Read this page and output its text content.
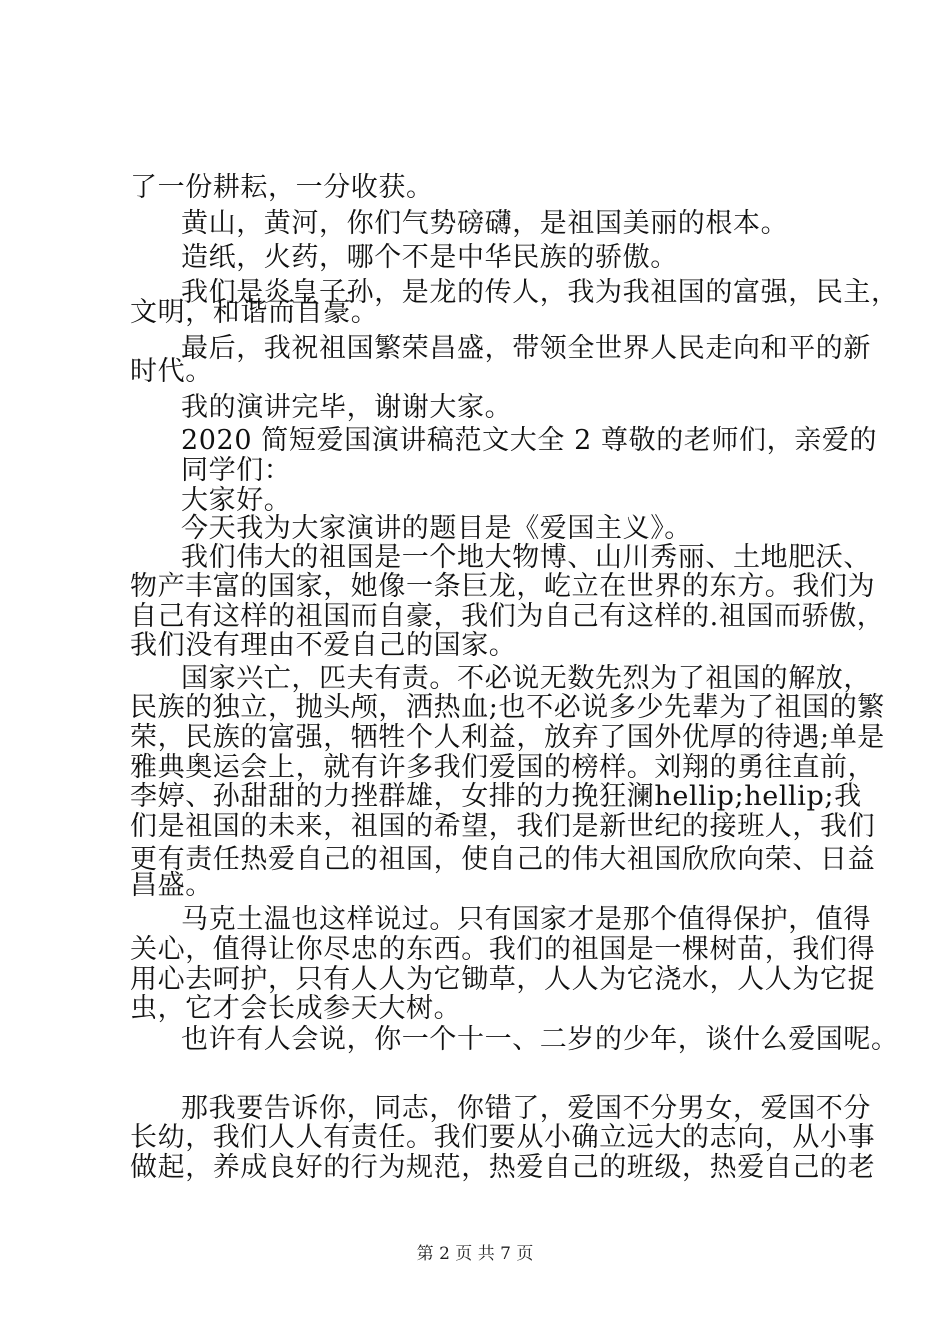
了一份耕耘，一分收获。
黄山，黄河，你们气势磅礴，是祖国美丽的根本。
造纸，火药，哪个不是中华民族的骄傲。
我们是炎皇子孙，是龙的传人，我为我祖国的富强，民主，
文明，和谐而自豪。
最后，我祝祖国繁荣昌盛，带领全世界人民走向和平的新
时代。
我的演讲完毕，谢谢大家。
2020 简短爱国演讲稿范文大全 2 尊敬的老师们，亲爱的
同学们：
大家好。
今天我为大家演讲的题目是《爱国主义》。
我们伟大的祖国是一个地大物博、山川秀丽、土地肥沃、
物产丰富的国家，她像一条巨龙，屹立在世界的东方。我们为
自己有这样的祖国而自豪，我们为自己有这样的.祖国而骄傲，
我们没有理由不爱自己的国家。
国家兴亡，匹夫有责。不必说无数先烈为了祖国的解放，
民族的独立，抛头颅，洒热血;也不必说多少先辈为了祖国的繁
荣，民族的富强，牺牲个人利益，放弃了国外优厚的待遇;单是
雅典奥运会上，就有许多我们爱国的榜样。刘翔的勇往直前，
李婷、孙甜甜的力挫群雄，女排的力挽狂澜hellip;hellip;我
们是祖国的未来，祖国的希望，我们是新世纪的接班人，我们
更有责任热爱自己的祖国，使自己的伟大祖国欣欣向荣、日益
昌盛。
马克土温也这样说过。只有国家才是那个值得保护，值得
关心，值得让你尽忠的东西。我们的祖国是一棵树苗，我们得
用心去呵护，只有人人为它锄草，人人为它浇水，人人为它捉
虫，它才会长成参天大树。
也许有人会说，你一个十一、二岁的少年，谈什么爱国呢。
那我要告诉你，同志，你错了，爱国不分男女，爱国不分
长幼，我们人人有责任。我们要从小确立远大的志向，从小事
做起，养成良好的行为规范，热爱自己的班级，热爱自己的老
第 2 页 共 7 页
